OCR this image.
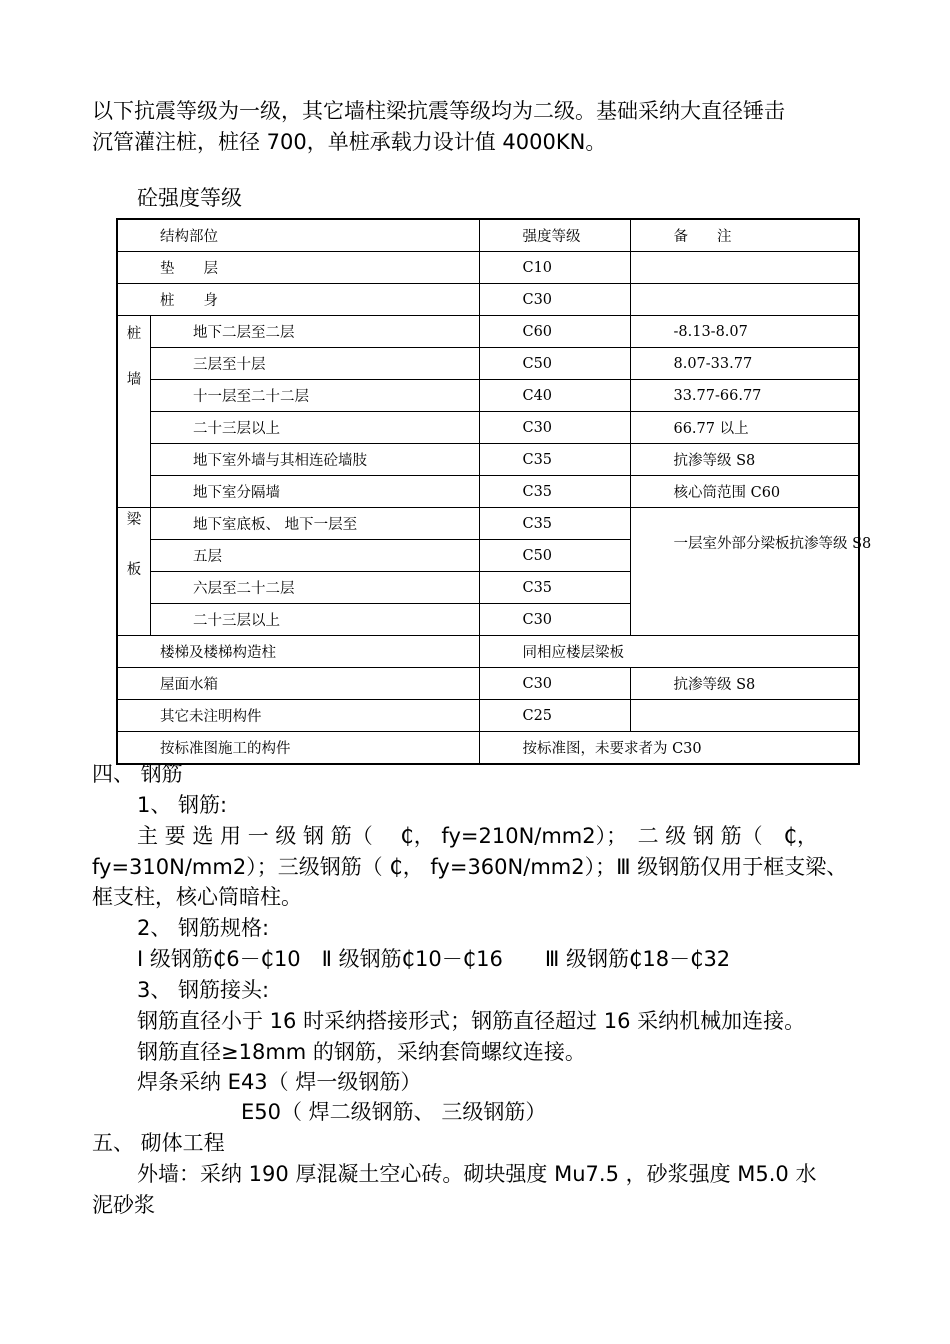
以下抗震等级为一级，其它墙柱梁抗震等级均为二级。基础采纳大直径锤击
沉管灌注桩，桩径 700，单桩承载力设计值 4000KN。
砼强度等级
结构部位		强度等级	备　　注

垫　　层		C10	

桩　　身		C30	

桩
墙	地下二层至二层	C60	-8.13-8.07

	三层至十层	C50	8.07-33.77

	十一层至二十二层	C40	33.77-66.77

	二十三层以上	C30	66.77 以上

	地下室外墙与其相连砼墙肢	C35	抗渗等级 S8

	地下室分隔墙	C35	核心筒范围 C60

梁
板	地下室底板、 地下一层至	C35	一层室外部分梁板抗渗等级 S8

	五层	C50	

	六层至二十二层	C35	

	二十三层以上	C30	

楼梯及楼梯构造柱		同相应楼层梁板	

屋面水箱		C30	抗渗等级 S8

其它未注明构件		C25	

按标准图施工的构件		按标准图，未要求者为 C30	
四、 钢筋
1、 钢筋:
主 要 选 用 一 级 钢 筋（　 ₵， fy=210N/mm2）；　二 级 钢 筋（　₵，
fy=310N/mm2）；三级钢筋（ ₵， fy=360N/mm2）；Ⅲ 级钢筋仅用于框支梁、
框支柱，核心筒暗柱。
2、 钢筋规格:
Ⅰ 级钢筋₵6－₵10　Ⅱ 级钢筋₵10－₵16　　Ⅲ 级钢筋₵18－₵32
3、 钢筋接头:
钢筋直径小于 16 时采纳搭接形式；钢筋直径超过 16 采纳机械加连接。
钢筋直径≥18mm 的钢筋，采纳套筒螺纹连接。
焊条采纳 E43（ 焊一级钢筋）
E50（ 焊二级钢筋、 三级钢筋）
五、 砌体工程
外墙：采纳 190 厚混凝土空心砖。砌块强度 Mu7.5 ，砂浆强度 M5.0 水
泥砂浆
